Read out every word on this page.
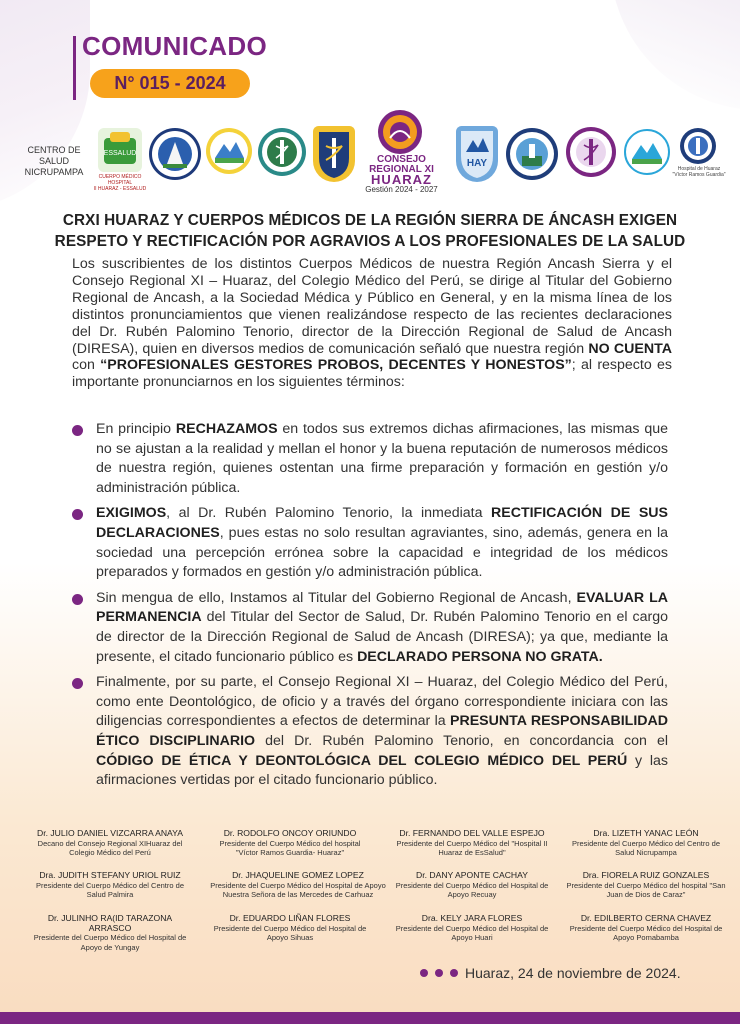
COMUNICADO
N° 015 - 2024
CENTRO DE SALUD
NICRUPAMPA
ESSALUD
CUERPO MÉDICO HOSPITAL
II HUARAZ - ESSALUD
CONSEJO
REGIONAL XI
HUARAZ
Gestión 2024 - 2027
HAY	Hospital de Huaraz
"Víctor Ramos Guardia"
CRXI HUARAZ Y CUERPOS MÉDICOS DE LA REGIÓN SIERRA DE ÁNCASH EXIGEN
RESPETO Y RECTIFICACIÓN POR AGRAVIOS A LOS PROFESIONALES DE LA SALUD
Los suscribientes de los distintos Cuerpos Médicos de nuestra Región Ancash Sierra y el Consejo Regional XI – Huaraz, del Colegio Médico del Perú, se dirige al Titular del Gobierno Regional de Ancash, a la Sociedad Médica y Público en General, y en la misma línea de los distintos pronunciamientos que vienen realizándose respecto de las recientes declaraciones del Dr. Rubén Palomino Tenorio, director de la Dirección Regional de Salud de Ancash (DIRESA), quien en diversos medios de comunicación señaló que nuestra región NO CUENTA con “PROFESIONALES GESTORES PROBOS, DECENTES Y HONESTOS”; al respecto es importante pronunciarnos en los siguientes términos:
En principio RECHAZAMOS en todos sus extremos dichas afirmaciones, las mismas que no se ajustan a la realidad y mellan el honor y la buena reputación de numerosos médicos de nuestra región, quienes ostentan una firme preparación y formación en gestión y/o administración pública.
EXIGIMOS, al Dr. Rubén Palomino Tenorio, la inmediata RECTIFICACIÓN DE SUS DECLARACIONES, pues estas no solo resultan agraviantes, sino, además, genera en la sociedad una percepción errónea sobre la capacidad e integridad de los médicos preparados y formados en gestión y/o administración pública.
Sin mengua de ello, Instamos al Titular del Gobierno Regional de Ancash, EVALUAR LA PERMANENCIA del Titular del Sector de Salud, Dr. Rubén Palomino Tenorio en el cargo de director de la Dirección Regional de Salud de Ancash (DIRESA); ya que, mediante la presente, el citado funcionario público es DECLARADO PERSONA NO GRATA.
Finalmente, por su parte, el Consejo Regional XI – Huaraz, del Colegio Médico del Perú, como ente Deontológico, de oficio y a través del órgano correspondiente iniciara con las diligencias correspondientes a efectos de determinar la PRESUNTA RESPONSABILIDAD ÉTICO DISCIPLINARIO del Dr. Rubén Palomino Tenorio, en concordancia con el CÓDIGO DE ÉTICA Y DEONTOLÓGICA DEL COLEGIO MÉDICO DEL PERÚ y las afirmaciones vertidas por el citado funcionario público.
Dr. JULIO DANIEL VIZCARRA ANAYA
Decano del Consejo Regional XIHuaraz del Colegio Médico del Perú
Dr. RODOLFO ONCOY ORIUNDO
Presidente del Cuerpo Médico del hospital "Víctor Ramos Guardia- Huaraz"
Dr. FERNANDO DEL VALLE ESPEJO
Presidente del Cuerpo Médico del "Hospital II Huaraz de EsSalud"
Dra. LIZETH YANAC LEÓN
Presidente del Cuerpo Médico del Centro de Salud Nicrupampa
Dra. JUDITH STEFANY URIOL RUIZ
Presidente del Cuerpo Médico del Centro de Salud Palmira
Dr. JHAQUELINE GOMEZ LOPEZ
Presidente del Cuerpo Médico del Hospital de Apoyo Nuestra Señora de las Mercedes de Carhuaz
Dr. DANY APONTE CACHAY
Presidente del Cuerpo Médico del Hospital de Apoyo Recuay
Dra. FIORELA RUIZ GONZALES
Presidente del Cuerpo Médico del hospital "San Juan de Dios de Caraz"
Dr. JULINHO RA(ID TARAZONA ARRASCO
Presidente del Cuerpo Médico del Hospital de Apoyo de Yungay
Dr. EDUARDO LIÑAN FLORES
Presidente del Cuerpo Médico del Hospital de Apoyo Sihuas
Dra. KELY JARA FLORES
Presidente del Cuerpo Médico del Hospital de Apoyo Huari
Dr. EDILBERTO CERNA CHAVEZ
Presidente del Cuerpo Médico del Hospital de Apoyo Pomabamba
Huaraz, 24 de noviembre de 2024.
